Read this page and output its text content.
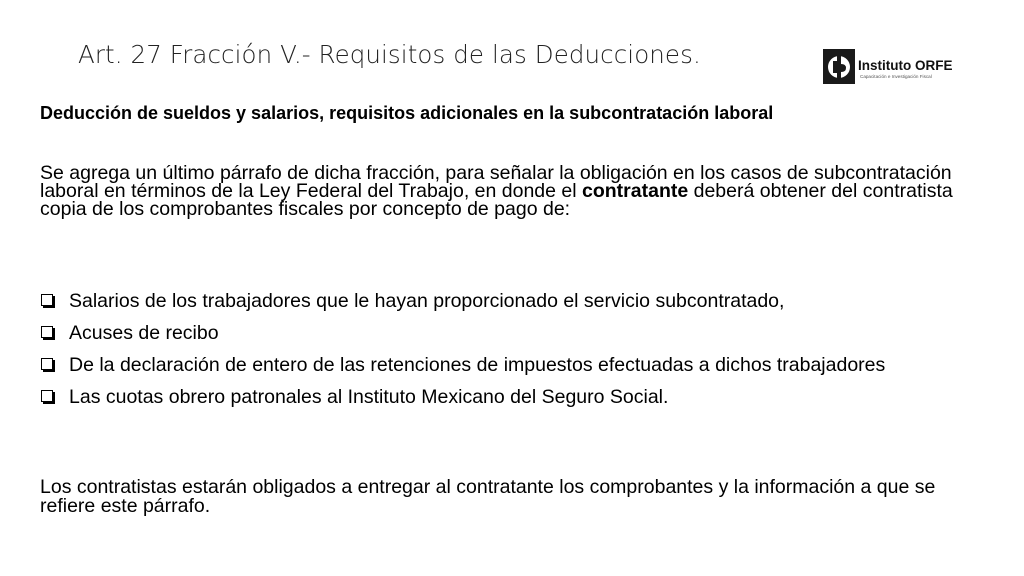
Art. 27 Fracción V.- Requisitos de las Deducciones.	Instituto ORFE
Capacitación e Investigación Fiscal
Deducción de sueldos y salarios, requisitos adicionales en la subcontratación laboral
Se agrega un último párrafo de dicha fracción, para señalar la obligación en los casos de subcontratación laboral en términos de la Ley Federal del Trabajo, en donde el contratante deberá obtener del contratista copia de los comprobantes fiscales por concepto de pago de:
Salarios de los trabajadores que le hayan proporcionado el servicio subcontratado,
Acuses de recibo
De la declaración de entero de las retenciones de impuestos efectuadas a dichos trabajadores
Las cuotas obrero patronales al Instituto Mexicano del Seguro Social.
Los contratistas estarán obligados a entregar al contratante los comprobantes y la información a que se refiere este párrafo.
